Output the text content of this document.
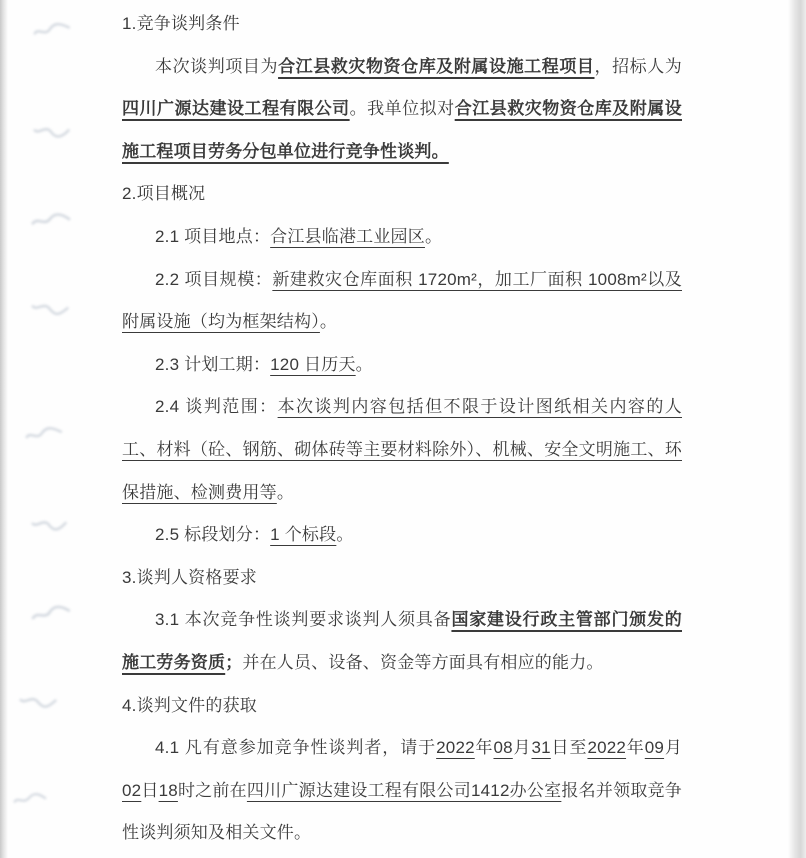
1.竞争谈判条件

本次谈判项目为合江县救灾物资仓库及附属设施工程项目，招标人为四川广源达建设工程有限公司。我单位拟对合江县救灾物资仓库及附属设施工程项目劳务分包单位进行竞争性谈判。

2.项目概况

2.1 项目地点：合江县临港工业园区。

2.2 项目规模：新建救灾仓库面积 1720m²，加工厂面积 1008m²以及附属设施（均为框架结构）。

2.3 计划工期：120 日历天。

2.4 谈判范围：本次谈判内容包括但不限于设计图纸相关内容的人工、材料（砼、钢筋、砌体砖等主要材料除外）、机械、安全文明施工、环保措施、检测费用等。

2.5 标段划分：1 个标段。

3.谈判人资格要求

3.1 本次竞争性谈判要求谈判人须具备国家建设行政主管部门颁发的施工劳务资质；并在人员、设备、资金等方面具有相应的能力。

4.谈判文件的获取

4.1 凡有意参加竞争性谈判者，请于2022年08月31日至2022年09月02日18时之前在四川广源达建设工程有限公司1412办公室报名并领取竞争性谈判须知及相关文件。
